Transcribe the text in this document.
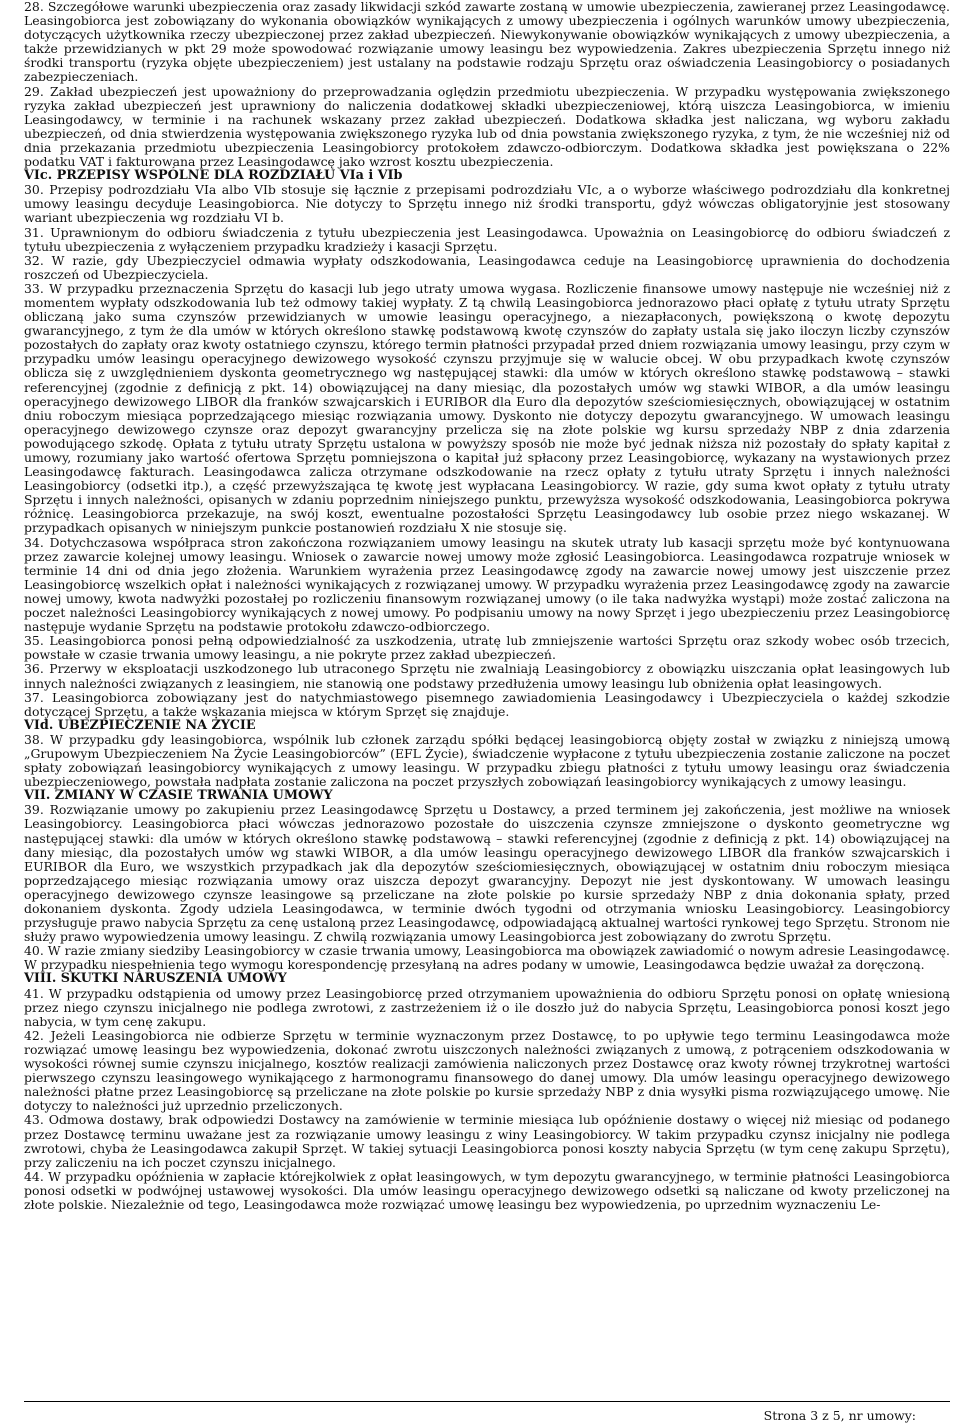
28. Szczegółowe warunki ubezpieczenia oraz zasady likwidacji szkód zawarte zostaną w umowie ubezpieczenia, zawieranej przez Leasingodawcę. Leasingobiorca jest zobowiązany do wykonania obowiązków wynikających z umowy ubezpieczenia i ogólnych warunków umowy ubezpieczenia, dotyczących użytkownika rzeczy ubezpieczonej przez zakład ubezpieczeń. Niewykonywanie obowiązków wynikających z umowy ubezpieczenia, a także przewidzianych w pkt 29 może spowodować rozwiązanie umowy leasingu bez wypowiedzenia. Zakres ubezpieczenia Sprzętu innego niż środki transportu (ryzyka objęte ubezpieczeniem) jest ustalany na podstawie rodzaju Sprzętu oraz oświadczenia Leasingobiorcy o posiadanych zabezpieczeniach.

29. Zakład ubezpieczeń jest upoważniony do przeprowadzania oględzin przedmiotu ubezpieczenia. W przypadku występowania zwiększonego ryzyka zakład ubezpieczeń jest uprawniony do naliczenia dodatkowej składki ubezpieczeniowej, którą uiszcza Leasingobiorca, w imieniu Leasingodawcy, w terminie i na rachunek wskazany przez zakład ubezpieczeń. Dodatkowa składka jest naliczana, wg wyboru zakładu ubezpieczeń, od dnia stwierdzenia występowania zwiększonego ryzyka lub od dnia powstania zwiększonego ryzyka, z tym, że nie wcześniej niż od dnia przekazania przedmiotu ubezpieczenia Leasingobiorcy protokołem zdawczo-odbiorczym. Dodatkowa składka jest powiększana o 22% podatku VAT i fakturowana przez Leasingodawcę jako wzrost kosztu ubezpieczenia.

VIc. PRZEPISY WSPÓLNE DLA ROZDZIAŁU VIa i VIb

30. Przepisy podrozdziału VIa albo VIb stosuje się łącznie z przepisami podrozdziału VIc, a o wyborze właściwego podrozdziału dla konkretnej umowy leasingu decyduje Leasingobiorca. Nie dotyczy to Sprzętu innego niż środki transportu, gdyż wówczas obligatoryjnie jest stosowany wariant ubezpieczenia wg rozdziału VI b.

31. Uprawnionym do odbioru świadczenia z tytułu ubezpieczenia jest Leasingodawca. Upoważnia on Leasingobiorcę do odbioru świadczeń z tytułu ubezpieczenia z wyłączeniem przypadku kradzieży i kasacji Sprzętu.

32. W razie, gdy Ubezpieczyciel odmawia wypłaty odszkodowania, Leasingodawca ceduje na Leasingobiorcę uprawnienia do dochodzenia roszczeń od Ubezpieczyciela.

33. W przypadku przeznaczenia Sprzętu do kasacji lub jego utraty umowa wygasa. Rozliczenie finansowe umowy następuje nie wcześniej niż z momentem wypłaty odszkodowania lub też odmowy takiej wypłaty. Z tą chwilą Leasingobiorca jednorazowo płaci opłatę z tytułu utraty Sprzętu obliczaną jako suma czynszów przewidzianych w umowie leasingu operacyjnego, a niezapłaconych, powiększoną o kwotę depozytu gwarancyjnego, z tym że dla umów w których określono stawkę podstawową kwotę czynszów do zapłaty ustala się jako iloczyn liczby czynszów pozostałych do zapłaty oraz kwoty ostatniego czynszu, którego termin płatności przypadał przed dniem rozwiązania umowy leasingu, przy czym w przypadku umów leasingu operacyjnego dewizowego wysokość czynszu przyjmuje się w walucie obcej. W obu przypadkach kwotę czynszów oblicza się z uwzględnieniem dyskonta geometrycznego wg następującej stawki: dla umów w których określono stawkę podstawową – stawki referencyjnej (zgodnie z definicją z pkt. 14) obowiązującej na dany miesiąc, dla pozostałych umów wg stawki WIBOR, a dla umów leasingu operacyjnego dewizowego LIBOR dla franków szwajcarskich i EURIBOR dla Euro dla depozytów sześciomiesięcznych, obowiązującej w ostatnim dniu roboczym miesiąca poprzedzającego miesiąc rozwiązania umowy. Dyskonto nie dotyczy depozytu gwarancyjnego. W umowach leasingu operacyjnego dewizowego czynsze oraz depozyt gwarancyjny przelicza się na złote polskie wg kursu sprzedaży NBP z dnia zdarzenia powodującego szkodę. Opłata z tytułu utraty Sprzętu ustalona w powyższy sposób nie może być jednak niższa niż pozostały do spłaty kapitał z umowy, rozumiany jako wartość ofertowa Sprzętu pomniejszona o kapitał już spłacony przez Leasingobiorcę, wykazany na wystawionych przez Leasingodawcę fakturach. Leasingodawca zalicza otrzymane odszkodowanie na rzecz opłaty z tytułu utraty Sprzętu i innych należności Leasingobiorcy (odsetki itp.), a część przewyższająca tę kwotę jest wypłacana Leasingobiorcy. W razie, gdy suma kwot opłaty z tytułu utraty Sprzętu i innych należności, opisanych w zdaniu poprzednim niniejszego punktu, przewyższa wysokość odszkodowania, Leasingobiorca pokrywa różnicę. Leasingobiorca przekazuje, na swój koszt, ewentualne pozostałości Sprzętu Leasingodawcy lub osobie przez niego wskazanej. W przypadkach opisanych w niniejszym punkcie postanowień rozdziału X nie stosuje się.

34. Dotychczasowa współpraca stron zakończona rozwiązaniem umowy leasingu na skutek utraty lub kasacji sprzętu może być kontynuowana przez zawarcie kolejnej umowy leasingu. Wniosek o zawarcie nowej umowy może zgłosić Leasingobiorca. Leasingodawca rozpatruje wniosek w terminie 14 dni od dnia jego złożenia. Warunkiem wyrażenia przez Leasingodawcę zgody na zawarcie nowej umowy jest uiszczenie przez Leasingobiorcę wszelkich opłat i należności wynikających z rozwiązanej umowy. W przypadku wyrażenia przez Leasingodawcę zgody na zawarcie nowej umowy, kwota nadwyżki pozostałej po rozliczeniu finansowym rozwiązanej umowy (o ile taka nadwyżka wystąpi) może zostać zaliczona na poczet należności Leasingobiorcy wynikających z nowej umowy. Po podpisaniu umowy na nowy Sprzęt i jego ubezpieczeniu przez Leasingobiorcę następuje wydanie Sprzętu na podstawie protokołu zdawczo-odbiorczego.

35. Leasingobiorca ponosi pełną odpowiedzialność za uszkodzenia, utratę lub zmniejszenie wartości Sprzętu oraz szkody wobec osób trzecich, powstałe w czasie trwania umowy leasingu, a nie pokryte przez zakład ubezpieczeń.

36. Przerwy w eksploatacji uszkodzonego lub utraconego Sprzętu nie zwalniają Leasingobiorcy z obowiązku uiszczania opłat leasingowych lub innych należności związanych z leasingiem, nie stanowią one podstawy przedłużenia umowy leasingu lub obniżenia opłat leasingowych.

37. Leasingobiorca zobowiązany jest do natychmiastowego pisemnego zawiadomienia Leasingodawcy i Ubezpieczyciela o każdej szkodzie dotyczącej Sprzętu, a także wskazania miejsca w którym Sprzęt się znajduje.

VId. UBEZPIECZENIE NA ŻYCIE

38. W przypadku gdy leasingobiorca, wspólnik lub członek zarządu spółki będącej leasingobiorcą objęty został w związku z niniejszą umową „Grupowym Ubezpieczeniem Na Życie Leasingobiorców” (EFL Życie), świadczenie wypłacone z tytułu ubezpieczenia zostanie zaliczone na poczet spłaty zobowiązań leasingobiorcy wynikających z umowy leasingu. W przypadku zbiegu płatności z tytułu umowy leasingu oraz świadczenia ubezpieczeniowego, powstała nadpłata zostanie zaliczona na poczet przyszłych zobowiązań leasingobiorcy wynikających z umowy leasingu.

VII. ZMIANY W CZASIE TRWANIA UMOWY

39. Rozwiązanie umowy po zakupieniu przez Leasingodawcę Sprzętu u Dostawcy, a przed terminem jej zakończenia, jest możliwe na wniosek Leasingobiorcy. Leasingobiorca płaci wówczas jednorazowo pozostałe do uiszczenia czynsze zmniejszone o dyskonto geometryczne wg następującej stawki: dla umów w których określono stawkę podstawową – stawki referencyjnej (zgodnie z definicją z pkt. 14) obowiązującej na dany miesiąc, dla pozostałych umów wg stawki WIBOR, a dla umów leasingu operacyjnego dewizowego LIBOR dla franków szwajcarskich i EURIBOR dla Euro, we wszystkich przypadkach jak dla depozytów sześciomiesięcznych, obowiązującej w ostatnim dniu roboczym miesiąca poprzedzającego miesiąc rozwiązania umowy oraz uiszcza depozyt gwarancyjny. Depozyt nie jest dyskontowany. W umowach leasingu operacyjnego dewizowego czynsze leasingowe są przeliczane na złote polskie po kursie sprzedaży NBP z dnia dokonania spłaty, przed dokonaniem dyskonta. Zgody udziela Leasingodawca, w terminie dwóch tygodni od otrzymania wniosku Leasingobiorcy. Leasingobiorcy przysługuje prawo nabycia Sprzętu za cenę ustaloną przez Leasingodawcę, odpowiadającą aktualnej wartości rynkowej tego Sprzętu. Stronom nie służy prawo wypowiedzenia umowy leasingu. Z chwilą rozwiązania umowy Leasingobiorca jest zobowiązany do zwrotu Sprzętu.

40. W razie zmiany siedziby Leasingobiorcy w czasie trwania umowy, Leasingobiorca ma obowiązek zawiadomić o nowym adresie Leasingodawcę. W przypadku niespełnienia tego wymogu korespondencję przesyłaną na adres podany w umowie, Leasingodawca będzie uważał za doręczoną.

VIII. SKUTKI NARUSZENIA UMOWY

41. W przypadku odstąpienia od umowy przez Leasingobiorcę przed otrzymaniem upoważnienia do odbioru Sprzętu ponosi on opłatę wniesioną przez niego czynszu inicjalnego nie podlega zwrotowi, z zastrzeżeniem iż o ile doszło już do nabycia Sprzętu, Leasingobiorca ponosi koszt jego nabycia, w tym cenę zakupu.

42. Jeżeli Leasingobiorca nie odbierze Sprzętu w terminie wyznaczonym przez Dostawcę, to po upływie tego terminu Leasingodawca może rozwiązać umowę leasingu bez wypowiedzenia, dokonać zwrotu uiszczonych należności związanych z umową, z potrąceniem odszkodowania w wysokości równej sumie czynszu inicjalnego, kosztów realizacji zamówienia naliczonych przez Dostawcę oraz kwoty równej trzykrotnej wartości pierwszego czynszu leasingowego wynikającego z harmonogramu finansowego do danej umowy. Dla umów leasingu operacyjnego dewizowego należności płatne przez Leasingobiorcę są przeliczane na złote polskie po kursie sprzedaży NBP z dnia wysyłki pisma rozwiązującego umowę. Nie dotyczy to należności już uprzednio przeliczonych.

43. Odmowa dostawy, brak odpowiedzi Dostawcy na zamówienie w terminie miesiąca lub opóźnienie dostawy o więcej niż miesiąc od podanego przez Dostawcę terminu uważane jest za rozwiązanie umowy leasingu z winy Leasingobiorcy. W takim przypadku czynsz inicjalny nie podlega zwrotowi, chyba że Leasingodawca zakupił Sprzęt. W takiej sytuacji Leasingobiorca ponosi koszty nabycia Sprzętu (w tym cenę zakupu Sprzętu), przy zaliczeniu na ich poczet czynszu inicjalnego.

44. W przypadku opóźnienia w zapłacie którejkolwiek z opłat leasingowych, w tym depozytu gwarancyjnego, w terminie płatności Leasingobiorca ponosi odsetki w podwójnej ustawowej wysokości. Dla umów leasingu operacyjnego dewizowego odsetki są naliczane od kwoty przeliczonej na złote polskie. Niezależnie od tego, Leasingodawca może rozwiązać umowę leasingu bez wypowiedzenia, po uprzednim wyznaczeniu Le-

Strona 3 z 5, nr umowy:
